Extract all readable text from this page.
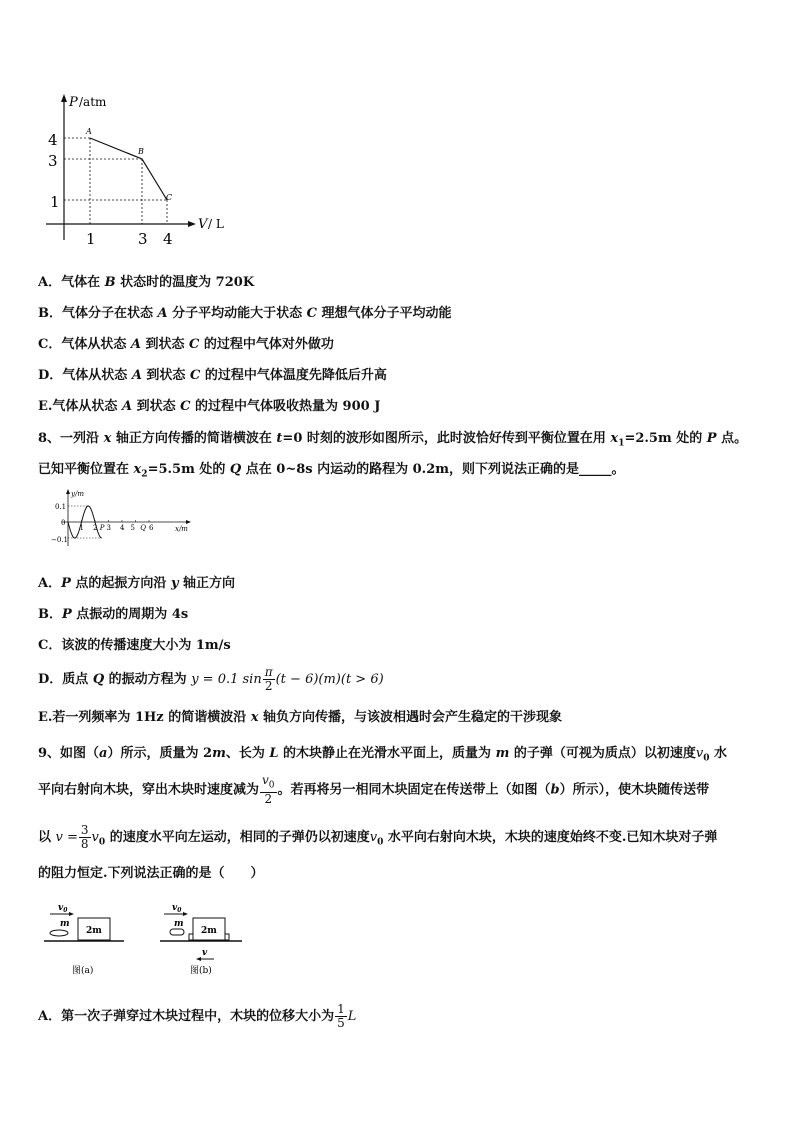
P /atm
V / L
4
3
1
1	3 4
A
B
C
A．气体在 B 状态时的温度为 720K
B．气体分子在状态 A 分子平均动能大于状态 C 理想气体分子平均动能
C．气体从状态 A 到状态 C 的过程中气体对外做功
D．气体从状态 A 到状态 C 的过程中气体温度先降低后升高
E.气体从状态 A 到状态 C 的过程中气体吸收热量为 900 J
8、一列沿 x 轴正方向传播的简谐横波在 t=0 时刻的波形如图所示，此时波恰好传到平衡位置在用 $x_1=2.5m$ 处的 P 点。
已知平衡位置在 $x_2=5.5m$ 处的 Q 点在 0~8s 内运动的路程为 0.2m，则下列说法正确的是_____。
y/m
x/m
0.1
0
−0.1
1 2 3 4 5 6
P	Q
A．P 点的起振方向沿 y 轴正方向
B．P 点振动的周期为 4s
C．该波的传播速度大小为 1m/s
D．质点 Q 的振动方程为 y = 0.1 $\sin \frac{\pi}{2} (t - 6)(m)(t > 6)$
E.若一列频率为 1Hz 的简谐横波沿 x 轴负方向传播，与该波相遇时会产生稳定的干涉现象
9、如图（a）所示，质量为 2m、长为 L 的木块静止在光滑水平面上，质量为 m 的子弹（可视为质点）以初速度$v_0$ 水
平向右射向木块，穿出木块时速度减为 $\frac{v_0}{2}$ 。若再将另一相同木块固定在传送带上（如图（b）所示），使木块随传送带
以 $v = \frac{3}{8} v_0$ 的速度水平向左运动，相同的子弹仍以初速度$v_0$ 水平向右射向木块，木块的速度始终不变.已知木块对子弹
的阻力恒定.下列说法正确的是（　　）
$v_0$
m
2m
图(a)
$v_0$
m
2m
v
图(b)
A．第一次子弹穿过木块过程中，木块的位移大小为 $\frac{1}{5}$ L
